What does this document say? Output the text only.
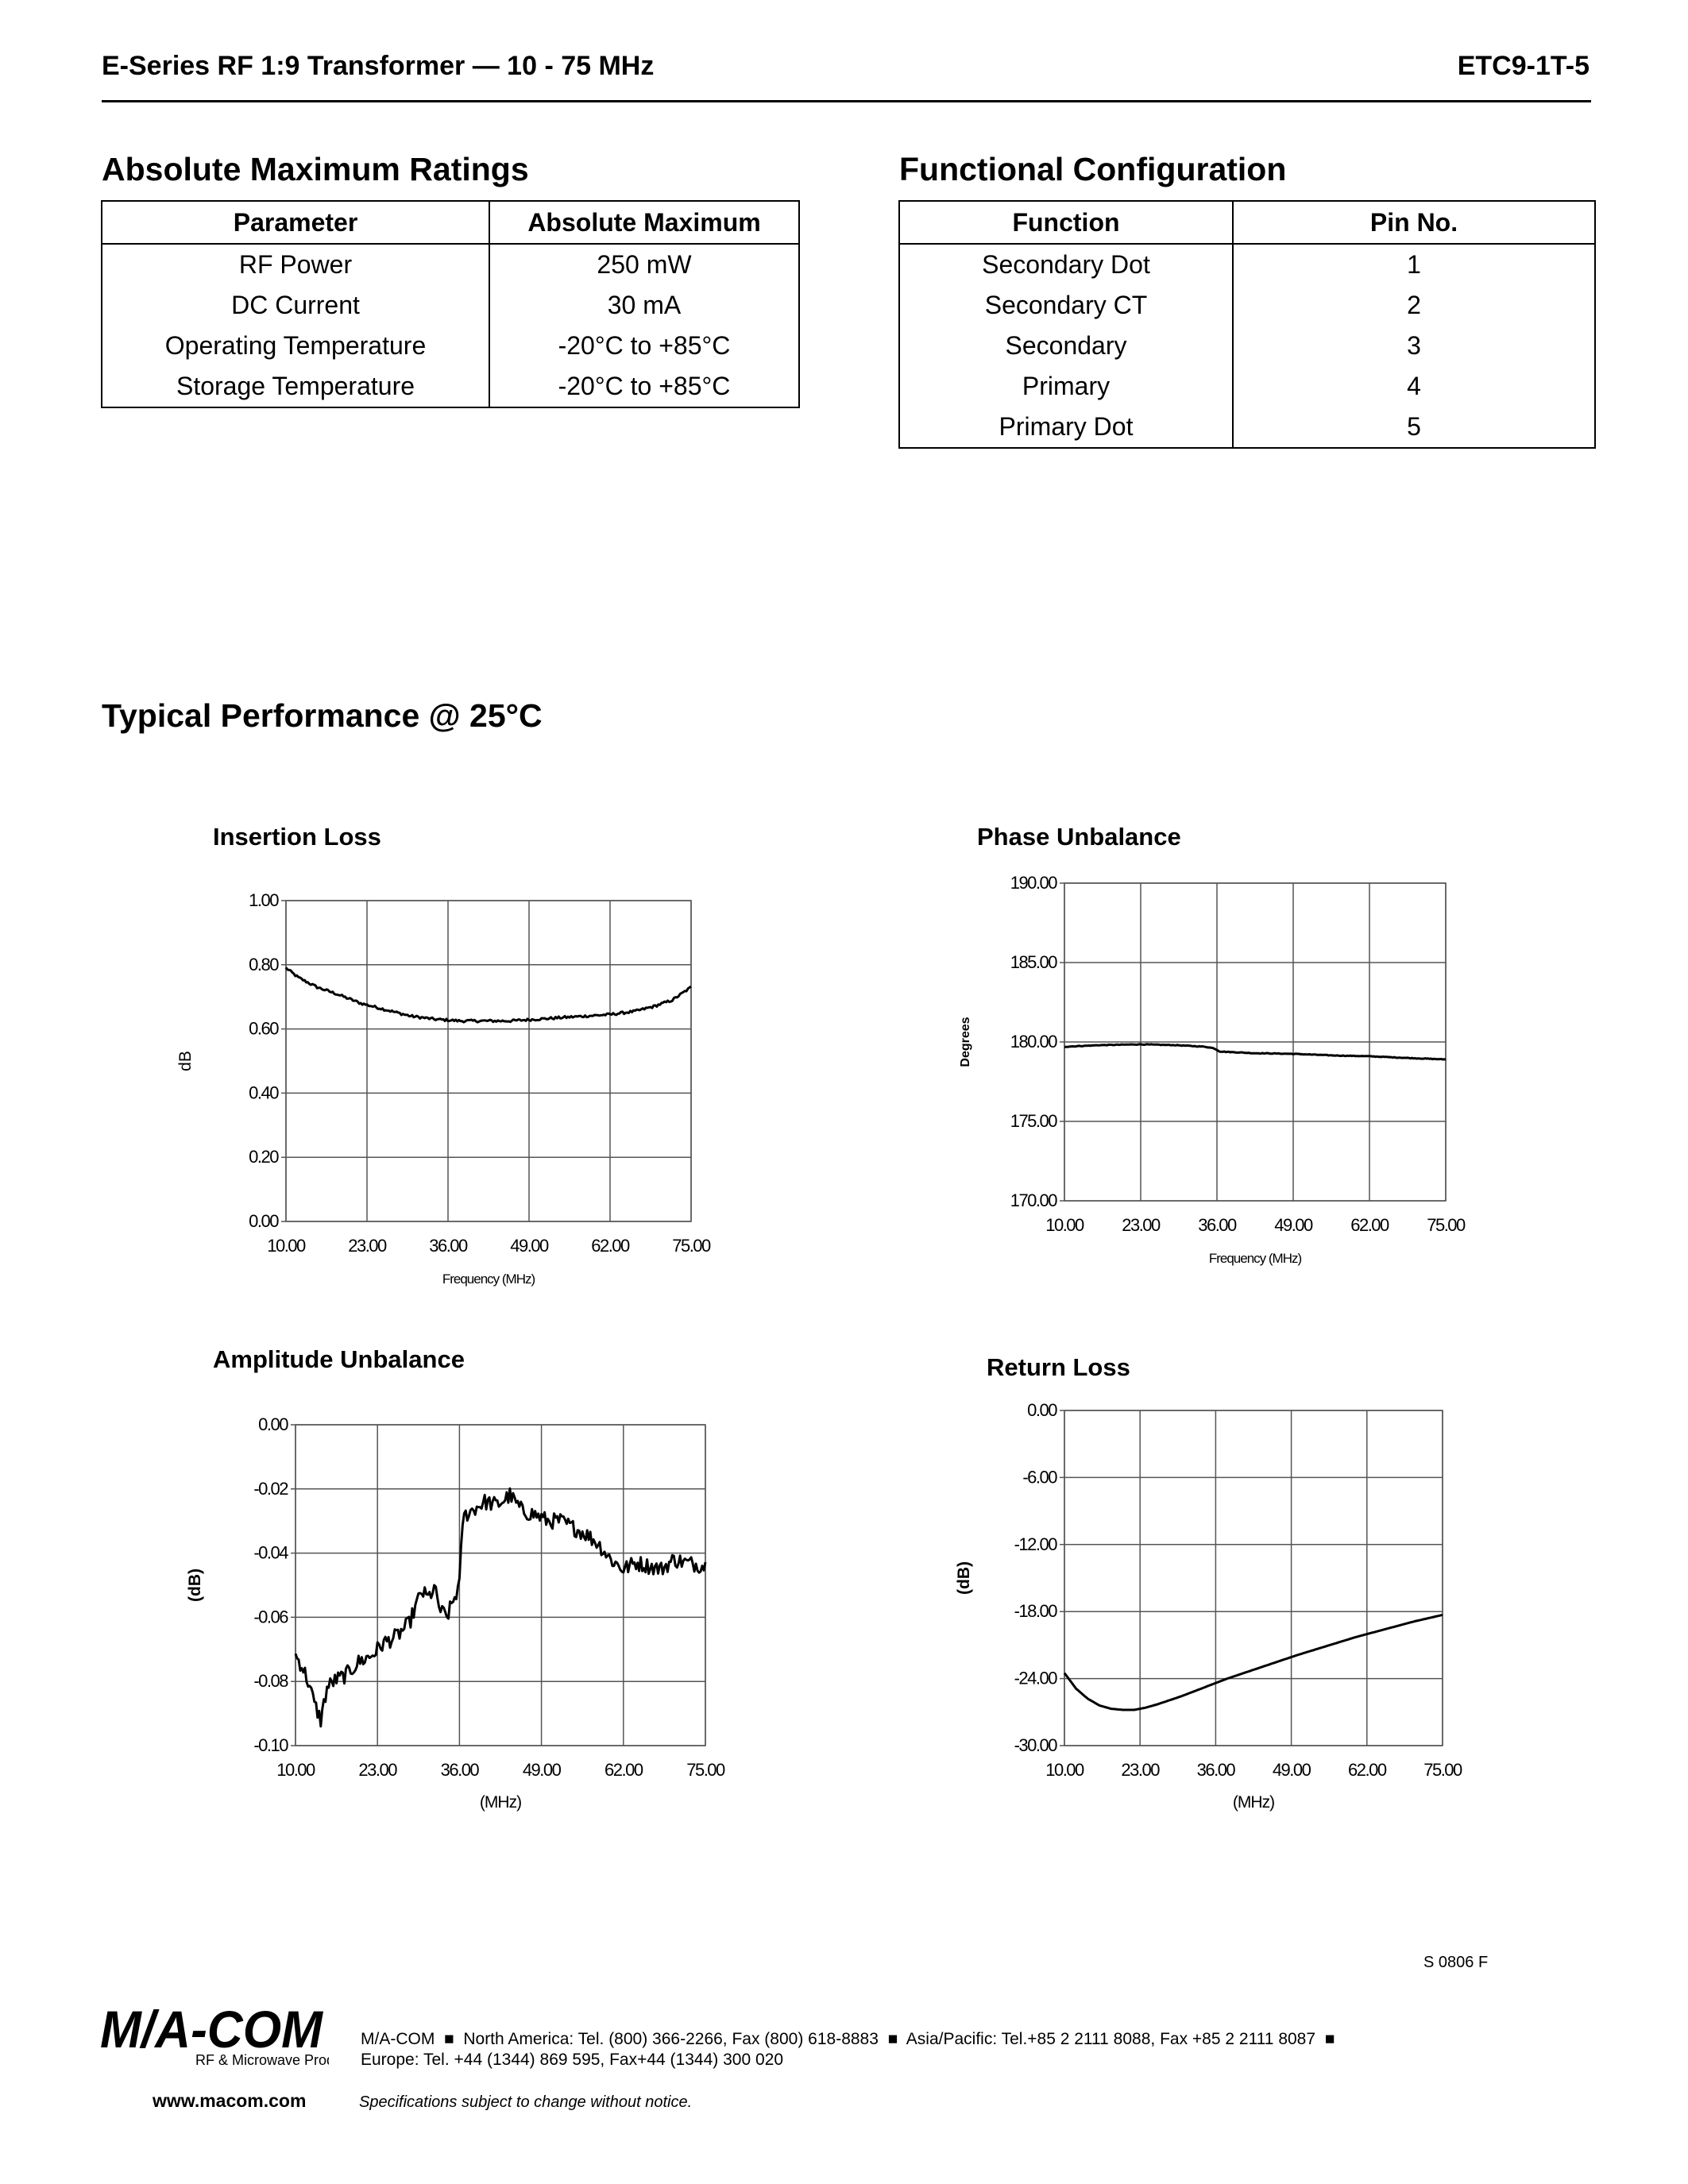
E-Series RF 1:9 Transformer — 10 - 75 MHz	ETC9-1T-5
Absolute Maximum Ratings
Parameter	Absolute Maximum
RF Power	250 mW
DC Current	30 mA
Operating Temperature	-20°C to +85°C
Storage Temperature	-20°C to +85°C
Functional Configuration
Function	Pin No.
Secondary Dot	1
Secondary CT	2
Secondary	3
Primary	4
Primary Dot	5
Typical Performance @ 25°C
Insertion Loss	Phase Unbalance
Amplitude Unbalance	Return Loss
10.00 23.00 36.00 49.00 62.00 75.00
0.00
0.20
0.40
0.60
0.80
1.00
Frequency (MHz)
dB
10.00 23.00 36.00 49.00 62.00 75.00
170.00
175.00
180.00
185.00
190.00
Frequency (MHz)
Degrees
10.00	23.00	36.00	49.00	62.00	75.00
-0.10
-0.08
-0.06
-0.04
-0.02
0.00
(MHz)
(dB)
10.00 23.00 36.00 49.00 62.00 75.00
-30.00
-24.00
-18.00
-12.00
-6.00
0.00
(MHz)
(dB)
S 0806 F
M/A-COM
RF & Microwave Pro
M/A-COM  ■  North America: Tel. (800) 366-2266, Fax (800) 618-8883  ■  Asia/Pacific: Tel.+85 2 2111 8088, Fax +85 2 2111 8087  ■
Europe: Tel. +44 (1344) 869 595, Fax+44 (1344) 300 020
www.macom.com	Specifications subject to change without notice.
